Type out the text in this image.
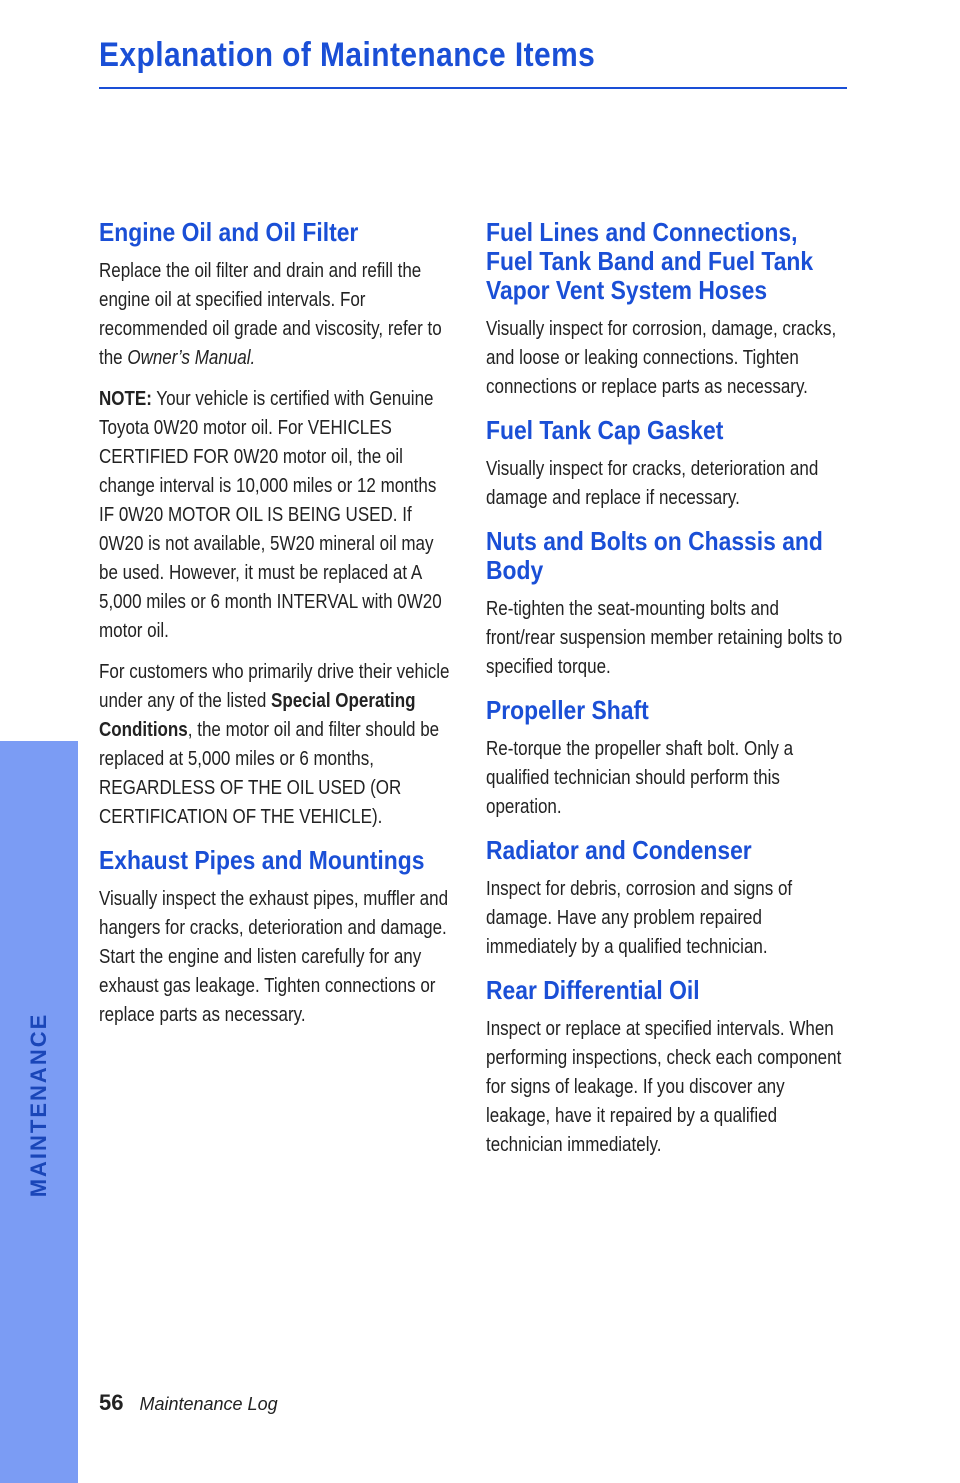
Explanation of Maintenance Items
Engine Oil and Oil Filter

Replace the oil filter and drain and refill the engine oil at specified intervals. For recommended oil grade and viscosity, refer to the Owner’s Manual.

NOTE: Your vehicle is certified with Genuine Toyota 0W20 motor oil. For VEHICLES CERTIFIED FOR 0W20 motor oil, the oil change interval is 10,000 miles or 12 months IF 0W20 MOTOR OIL IS BEING USED. If 0W20 is not available, 5W20 mineral oil may be used. However, it must be replaced at A 5,000 miles or 6 month INTERVAL with 0W20 motor oil.

For customers who primarily drive their vehicle under any of the listed Special Operating Conditions, the motor oil and filter should be replaced at 5,000 miles or 6 months, REGARDLESS OF THE OIL USED (OR CERTIFICATION OF THE VEHICLE).

Exhaust Pipes and Mountings

Visually inspect the exhaust pipes, muffler and hangers for cracks, deterioration and damage. Start the engine and listen carefully for any exhaust gas leakage. Tighten connections or replace parts as necessary.

Fuel Lines and Connections, Fuel Tank Band and Fuel Tank Vapor Vent System Hoses

Visually inspect for corrosion, damage, cracks, and loose or leaking connections. Tighten connections or replace parts as necessary.

Fuel Tank Cap Gasket

Visually inspect for cracks, deterioration and damage and replace if necessary.

Nuts and Bolts on Chassis and Body

Re-tighten the seat-mounting bolts and front/rear suspension member retaining bolts to specified torque.

Propeller Shaft

Re-torque the propeller shaft bolt. Only a qualified technician should perform this operation.

Radiator and Condenser

Inspect for debris, corrosion and signs of damage. Have any problem repaired immediately by a qualified technician.

Rear Differential Oil

Inspect or replace at specified intervals. When performing inspections, check each component for signs of leakage. If you discover any leakage, have it repaired by a qualified technician immediately.

MAINTENANCE
56 Maintenance Log
